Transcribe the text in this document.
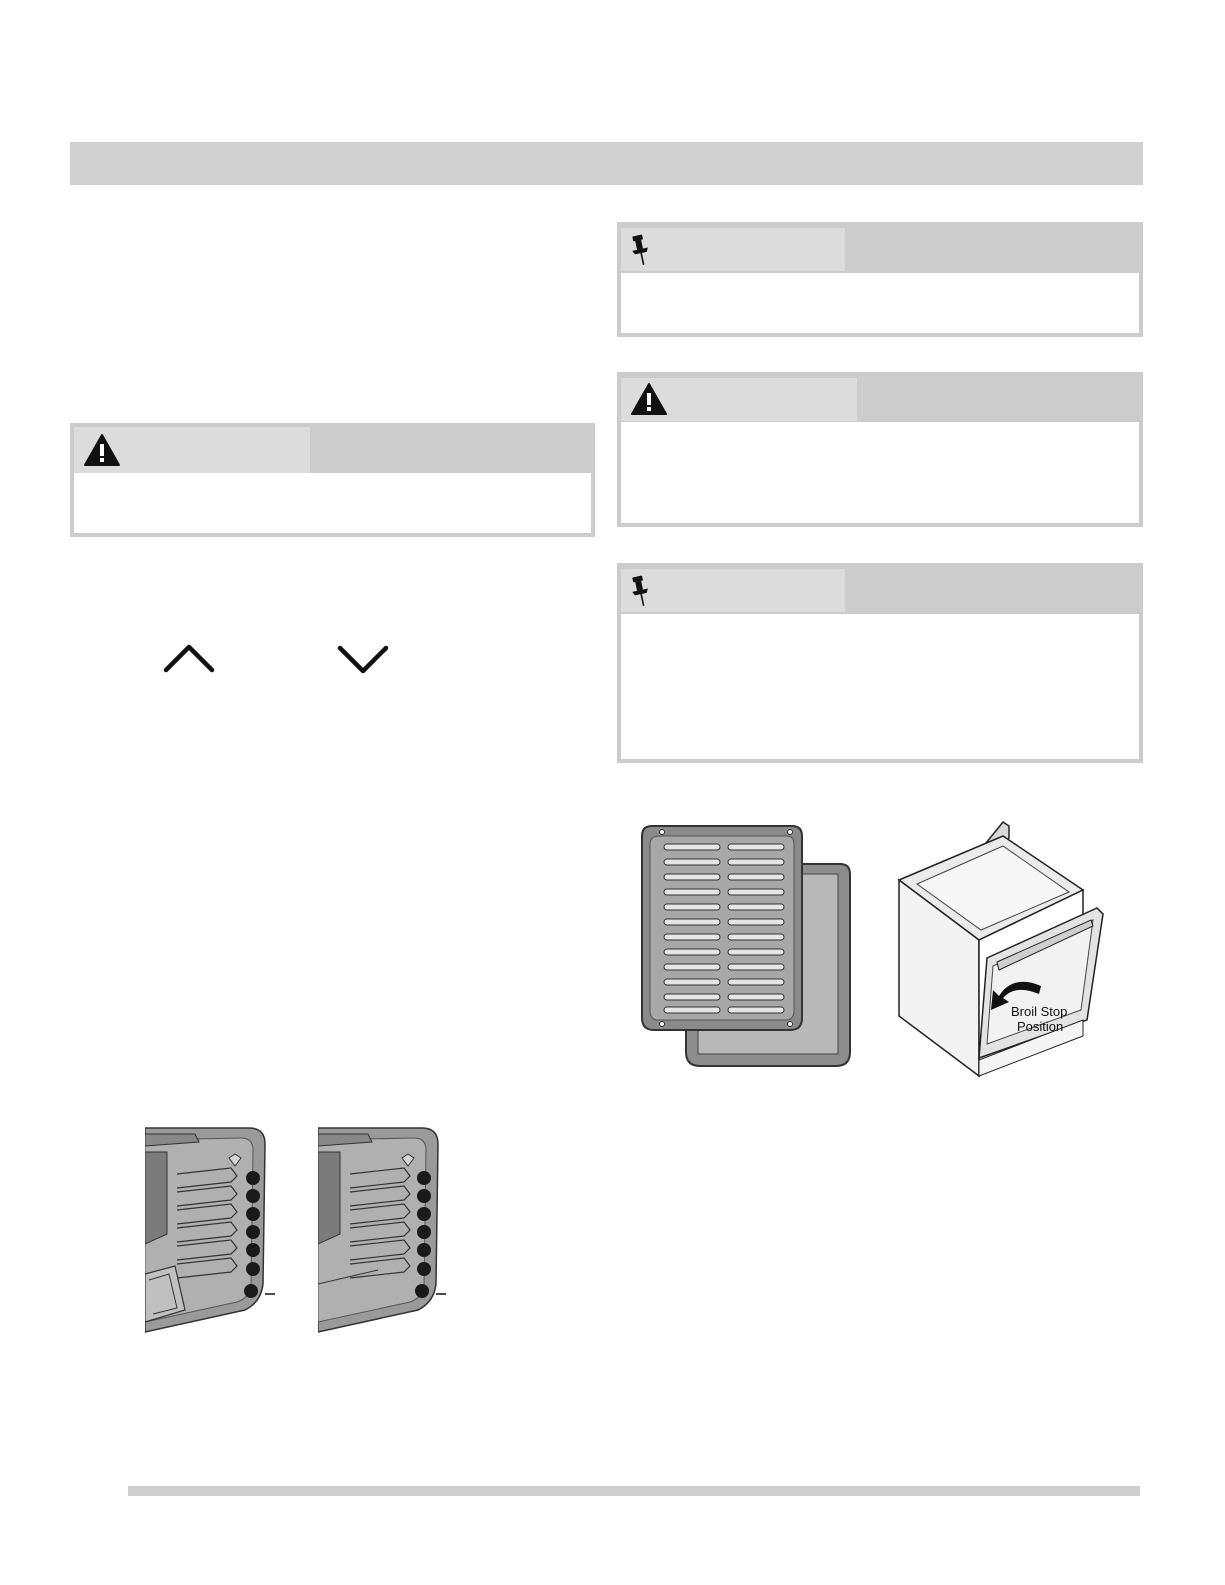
Broil Stop
Position
